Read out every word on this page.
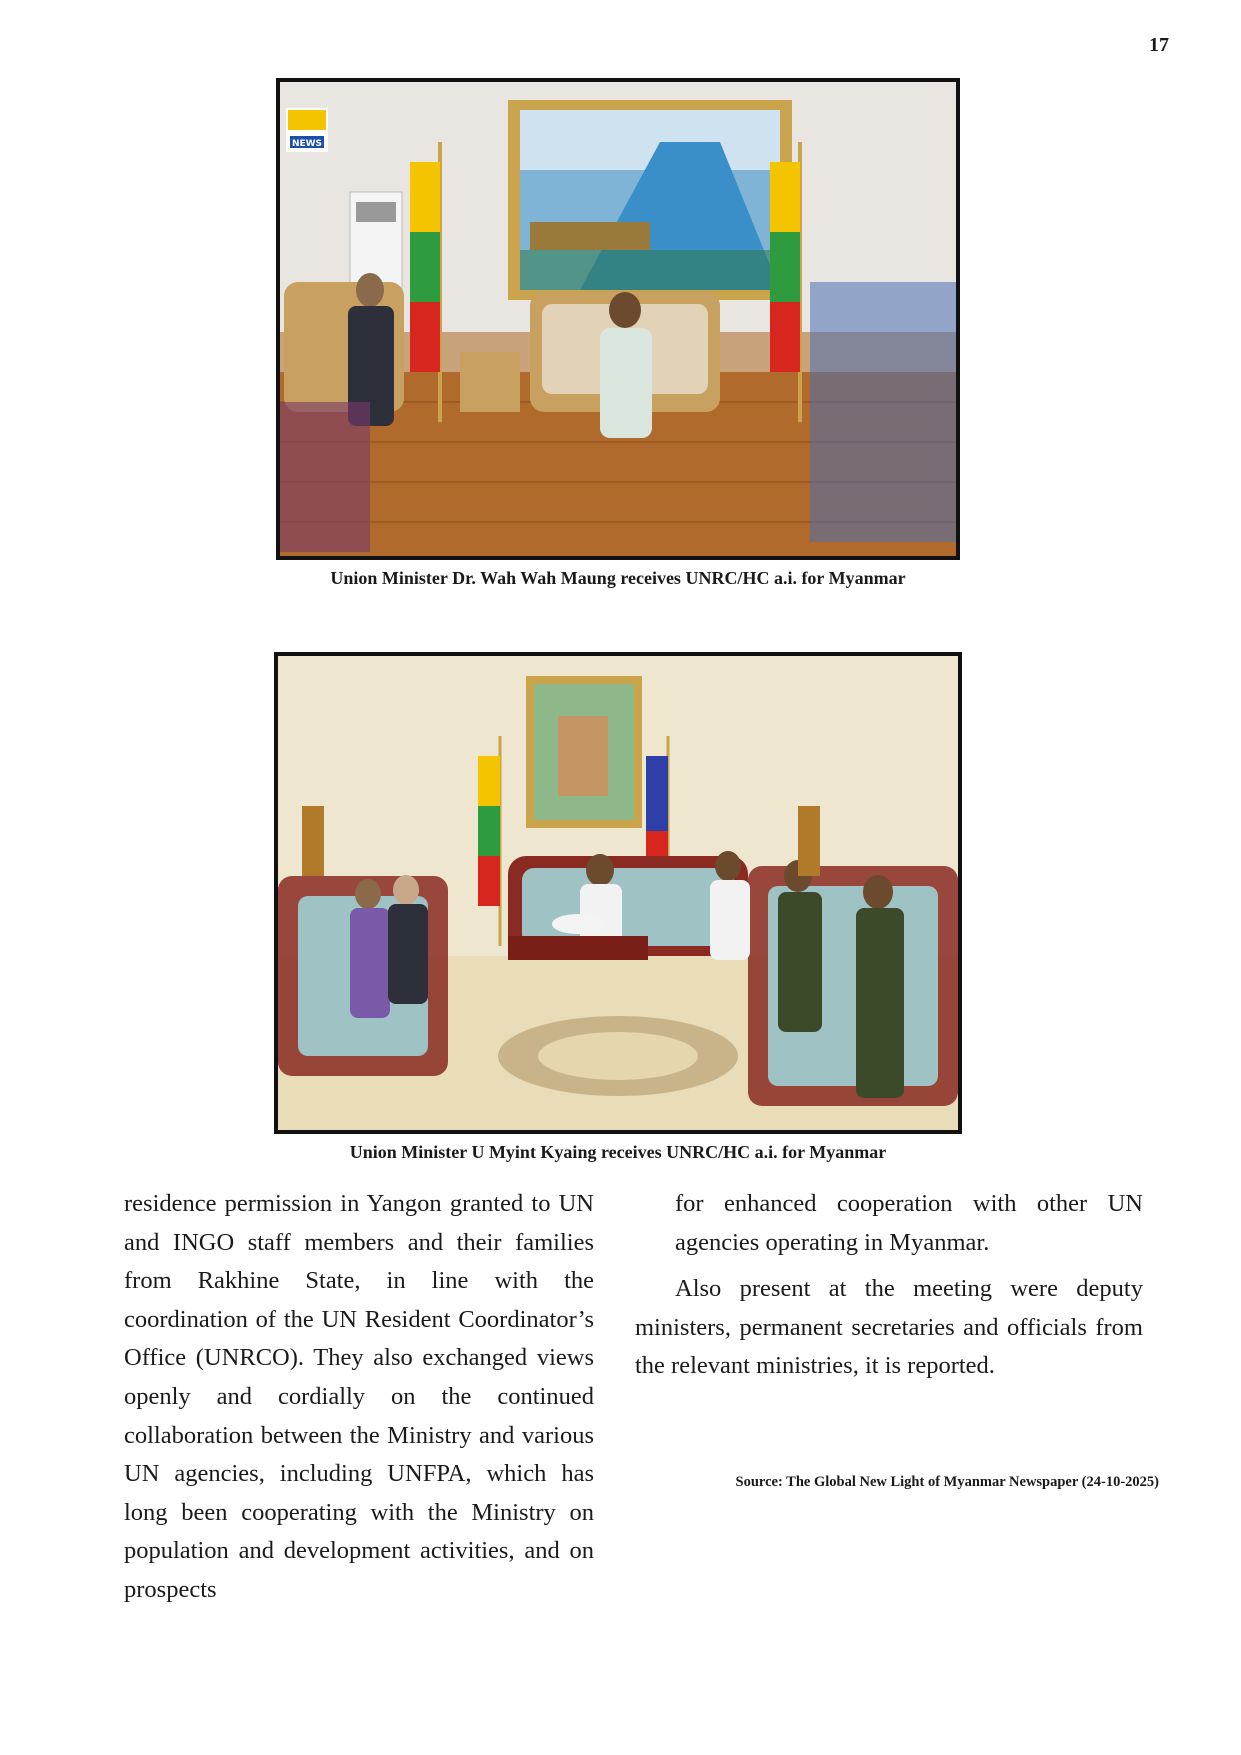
17
NEWS
Union Minister Dr. Wah Wah Maung receives UNRC/HC a.i. for Myanmar
Union Minister U Myint Kyaing receives UNRC/HC a.i. for Myanmar

residence permission in Yangon granted to UN and INGO staff members and their families from Rakhine State, in line with the coordination of the UN Resident Coordinator’s Office (UNRCO). They also exchanged views openly and cordially on the continued collaboration between the Ministry and various UN agencies, including UNFPA, which has long been cooperating with the Ministry on population and development activities, and on prospects

for enhanced cooperation with other UN agencies operating in Myanmar.

Also present at the meeting were deputy ministers, permanent secretaries and officials from the relevant ministries, it is reported.

Source: The Global New Light of Myanmar Newspaper (24-10-2025)
